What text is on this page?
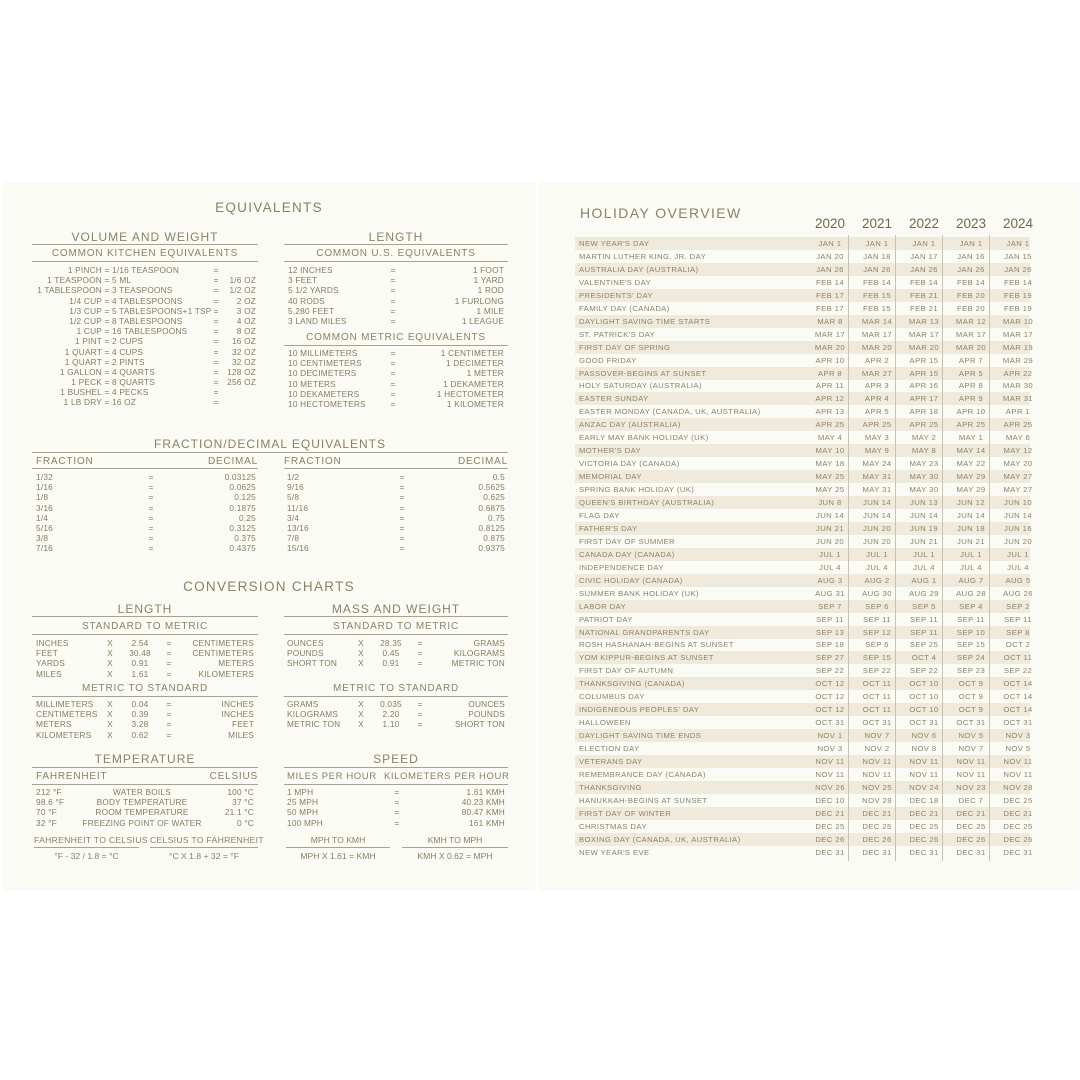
EQUIVALENTS
VOLUME AND WEIGHT
COMMON KITCHEN EQUIVALENTS
1 PINCH = 1/16 TEASPOON	=
1 TEASPOON = 5 ML	=	1/6 OZ
1 TABLESPOON = 3 TEASPOONS	=	1/2 OZ
1/4 CUP = 4 TABLESPOONS	=	2 OZ
1/3 CUP = 5 TABLESPOONS+1 TSP =	3 OZ
1/2 CUP = 8 TABLESPOONS	=	4 OZ
1 CUP = 16 TABLESPOONS	=	8 OZ
1 PINT = 2 CUPS	=	16 OZ
1 QUART = 4 CUPS	=	32 OZ
1 QUART = 2 PINTS	=	32 OZ
1 GALLON = 4 QUARTS	=	128 OZ
1 PECK = 8 QUARTS	=	256 OZ
1 BUSHEL = 4 PECKS	=
1 LB DRY = 16 OZ	=
LENGTH
COMMON U.S. EQUIVALENTS
12 INCHES	=	1 FOOT
3 FEET	=	1 YARD
5 1/2 YARDS	=	1 ROD
40 RODS	=	1 FURLONG
5,280 FEET	=	1 MILE
3 LAND MILES	=	1 LEAGUE
COMMON METRIC EQUIVALENTS
10 MILLIMETERS	=	1 CENTIMETER
10 CENTIMETERS	=	1 DECIMETER
10 DECIMETERS	=	1 METER
10 METERS	=	1 DEKAMETER
10 DEKAMETERS	=	1 HECTOMETER
10 HECTOMETERS	=	1 KILOMETER
FRACTION/DECIMAL EQUIVALENTS
FRACTION	DECIMAL	FRACTION	DECIMAL
1/32	=	0.03125
1/16	=	0.0625
1/8	=	0.125
3/16	=	0.1875
1/4	=	0.25
5/16	=	0.3125
3/8	=	0.375
7/16	=	0.4375
1/2	=	0.5
9/16	=	0.5625
5/8	=	0.625
11/16	=	0.6875
3/4	=	0.75
13/16	=	0.8125
7/8	=	0.875
15/16	=	0.9375
CONVERSION CHARTS
LENGTH
STANDARD TO METRIC
INCHES	X	2.54	=	CENTIMETERS
FEET	X	30.48	=	CENTIMETERS
YARDS	X	0.91	=	METERS
MILES	X	1.61	=	KILOMETERS
METRIC TO STANDARD
MILLIMETERS	X	0.04	=	INCHES
CENTIMETERS	X	0.39	=	INCHES
METERS	X	3.28	=	FEET
KILOMETERS	X	0.62	=	MILES
MASS AND WEIGHT
STANDARD TO METRIC
OUNCES	X	28.35	=	GRAMS
POUNDS	X	0.45	=	KILOGRAMS
SHORT TON	X	0.91	=	METRIC TON
METRIC TO STANDARD
GRAMS	X	0.035	=	OUNCES
KILOGRAMS	X	2.20	=	POUNDS
METRIC TON	X	1.10	=	SHORT TON
TEMPERATURE
FAHRENHEIT	CELSIUS
212 °F	WATER BOILS	100 °C
98.6 °F	BODY TEMPERATURE	37 °C
70 °F	ROOM TEMPERATURE	21.1 °C
32 °F	FREEZING POINT OF WATER	0 °C
FAHRENHEIT TO CELSIUS
°F - 32 / 1.8 = °C
CELSIUS TO FAHRENHEIT
°C X 1.8 + 32 = °F
SPEED
MILES PER HOUR KILOMETERS PER HOUR
1 MPH	=	1.61 KMH
25 MPH	=	40.23 KMH
50 MPH	=	80.47 KMH
100 MPH	=	161 KMH
MPH TO KMH
MPH X 1.61 = KMH
KMH TO MPH
KMH X 0.62 = MPH
HOLIDAY OVERVIEW
2020	2021	2022	2023	2024
NEW YEAR'S DAY	JAN 1	JAN 1	JAN 1	JAN 1	JAN 1
MARTIN LUTHER KING, JR. DAY	JAN 20	JAN 18	JAN 17	JAN 16	JAN 15
AUSTRALIA DAY (AUSTRALIA)	JAN 26	JAN 26	JAN 26	JAN 26	JAN 26
VALENTINE'S DAY	FEB 14	FEB 14	FEB 14	FEB 14	FEB 14
PRESIDENTS' DAY	FEB 17	FEB 15	FEB 21	FEB 20	FEB 19
FAMILY DAY (CANADA)	FEB 17	FEB 15	FEB 21	FEB 20	FEB 19
DAYLIGHT SAVING TIME STARTS	MAR 8	MAR 14	MAR 13	MAR 12	MAR 10
ST. PATRICK'S DAY	MAR 17	MAR 17	MAR 17	MAR 17	MAR 17
FIRST DAY OF SPRING	MAR 20	MAR 20	MAR 20	MAR 20	MAR 19
GOOD FRIDAY	APR 10	APR 2	APR 15	APR 7	MAR 29
PASSOVER-BEGINS AT SUNSET	APR 8	MAR 27	APR 15	APR 5	APR 22
HOLY SATURDAY (AUSTRALIA)	APR 11	APR 3	APR 16	APR 8	MAR 30
EASTER SUNDAY	APR 12	APR 4	APR 17	APR 9	MAR 31
EASTER MONDAY (CANADA, UK, AUSTRALIA)	APR 13	APR 5	APR 18	APR 10	APR 1
ANZAC DAY (AUSTRALIA)	APR 25	APR 25	APR 25	APR 25	APR 25
EARLY MAY BANK HOLIDAY (UK)	MAY 4	MAY 3	MAY 2	MAY 1	MAY 6
MOTHER'S DAY	MAY 10	MAY 9	MAY 8	MAY 14	MAY 12
VICTORIA DAY (CANADA)	MAY 18	MAY 24	MAY 23	MAY 22	MAY 20
MEMORIAL DAY	MAY 25	MAY 31	MAY 30	MAY 29	MAY 27
SPRING BANK HOLIDAY (UK)	MAY 25	MAY 31	MAY 30	MAY 29	MAY 27
QUEEN'S BIRTHDAY (AUSTRALIA)	JUN 8	JUN 14	JUN 13	JUN 12	JUN 10
FLAG DAY	JUN 14	JUN 14	JUN 14	JUN 14	JUN 14
FATHER'S DAY	JUN 21	JUN 20	JUN 19	JUN 18	JUN 16
FIRST DAY OF SUMMER	JUN 20	JUN 20	JUN 21	JUN 21	JUN 20
CANADA DAY (CANADA)	JUL 1	JUL 1	JUL 1	JUL 1	JUL 1
INDEPENDENCE DAY	JUL 4	JUL 4	JUL 4	JUL 4	JUL 4
CIVIC HOLIDAY (CANADA)	AUG 3	AUG 2	AUG 1	AUG 7	AUG 5
SUMMER BANK HOLIDAY (UK)	AUG 31	AUG 30	AUG 29	AUG 28	AUG 26
LABOR DAY	SEP 7	SEP 6	SEP 5	SEP 4	SEP 2
PATRIOT DAY	SEP 11	SEP 11	SEP 11	SEP 11	SEP 11
NATIONAL GRANDPARENTS DAY	SEP 13	SEP 12	SEP 11	SEP 10	SEP 8
ROSH HASHANAH-BEGINS AT SUNSET	SEP 18	SEP 6	SEP 25	SEP 15	OCT 2
YOM KIPPUR-BEGINS AT SUNSET	SEP 27	SEP 15	OCT 4	SEP 24	OCT 11
FIRST DAY OF AUTUMN	SEP 22	SEP 22	SEP 22	SEP 23	SEP 22
THANKSGIVING (CANADA)	OCT 12	OCT 11	OCT 10	OCT 9	OCT 14
COLUMBUS DAY	OCT 12	OCT 11	OCT 10	OCT 9	OCT 14
INDIGENEOUS PEOPLES' DAY	OCT 12	OCT 11	OCT 10	OCT 9	OCT 14
HALLOWEEN	OCT 31	OCT 31	OCT 31	OCT 31	OCT 31
DAYLIGHT SAVING TIME ENDS	NOV 1	NOV 7	NOV 6	NOV 5	NOV 3
ELECTION DAY	NOV 3	NOV 2	NOV 8	NOV 7	NOV 5
VETERANS DAY	NOV 11	NOV 11	NOV 11	NOV 11	NOV 11
REMEMBRANCE DAY (CANADA)	NOV 11	NOV 11	NOV 11	NOV 11	NOV 11
THANKSGIVING	NOV 26	NOV 25	NOV 24	NOV 23	NOV 28
HANUKKAH-BEGINS AT SUNSET	DEC 10	NOV 28	DEC 18	DEC 7	DEC 25
FIRST DAY OF WINTER	DEC 21	DEC 21	DEC 21	DEC 21	DEC 21
CHRISTMAS DAY	DEC 25	DEC 25	DEC 25	DEC 25	DEC 25
BOXING DAY (CANADA, UK, AUSTRALIA)	DEC 26	DEC 26	DEC 26	DEC 26	DEC 26
NEW YEAR'S EVE	DEC 31	DEC 31	DEC 31	DEC 31	DEC 31
